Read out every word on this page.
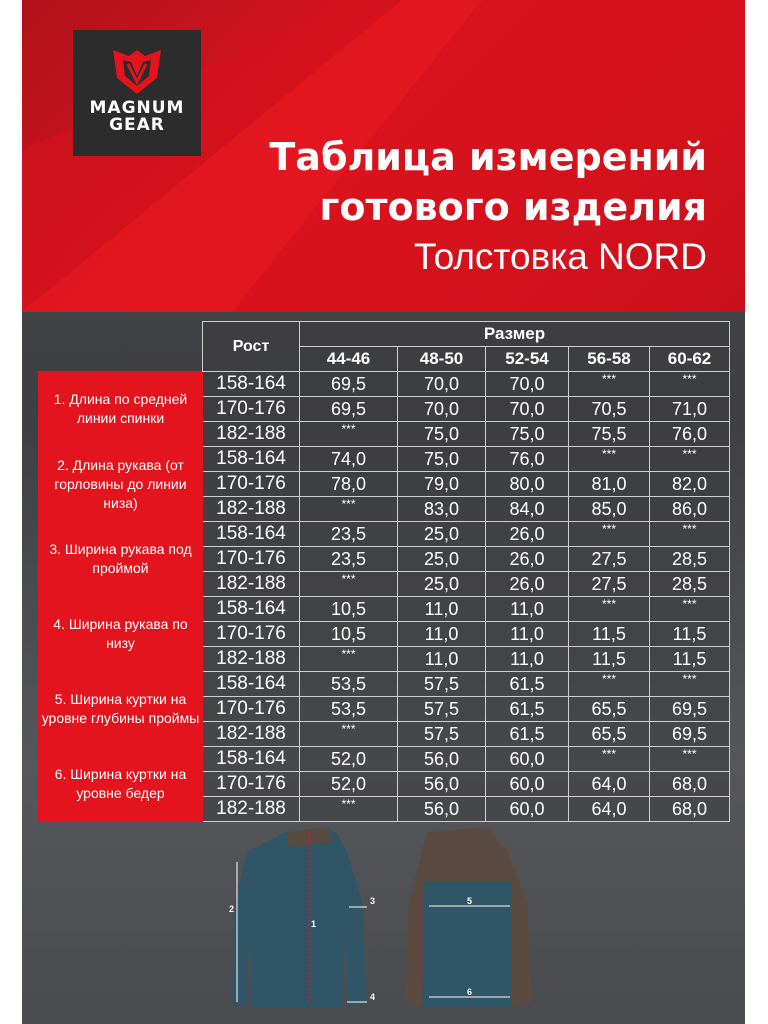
MAGNUM
GEAR
Таблица измерений
готового изделия
Толстовка NORD
	Рост	Размер				
		44-46	48-50	52-54	56-58	60-62
1. Длина по средней линии спинки	158-164	69,5	70,0	70,0	***	***
	170-176	69,5	70,0	70,0	70,5	71,0
	182-188	***	75,0	75,0	75,5	76,0
2. Длина рукава (от горловины до линии низа)	158-164	74,0	75,0	76,0	***	***
	170-176	78,0	79,0	80,0	81,0	82,0
	182-188	***	83,0	84,0	85,0	86,0
3. Ширина рукава под проймой	158-164	23,5	25,0	26,0	***	***
	170-176	23,5	25,0	26,0	27,5	28,5
	182-188	***	25,0	26,0	27,5	28,5
4. Ширина рукава по низу	158-164	10,5	11,0	11,0	***	***
	170-176	10,5	11,0	11,0	11,5	11,5
	182-188	***	11,0	11,0	11,5	11,5
5. Ширина куртки на уровне глубины проймы	158-164	53,5	57,5	61,5	***	***
	170-176	53,5	57,5	61,5	65,5	69,5
	182-188	***	57,5	61,5	65,5	69,5
6. Ширина куртки на уровне бедер	158-164	52,0	56,0	60,0	***	***
	170-176	52,0	56,0	60,0	64,0	68,0
	182-188	***	56,0	60,0	64,0	68,0
1
2
3
4
5
6
